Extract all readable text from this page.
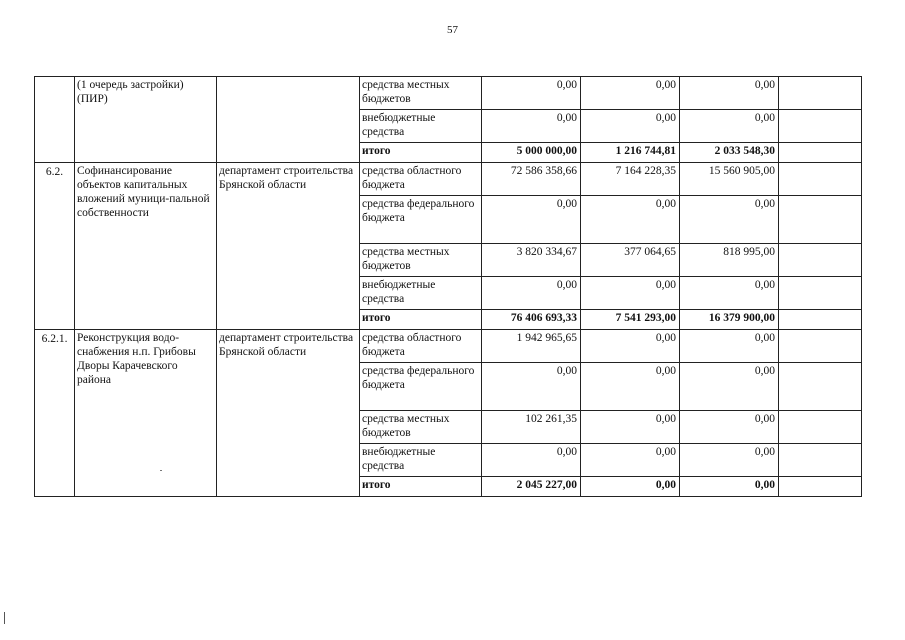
57
	(1 очередь застройки) (ПИР)		средства местных бюджетов	0,00	0,00	0,00	
			внебюджетные средства	0,00	0,00	0,00	
			итого	5 000 000,00	1 216 744,81	2 033 548,30	
6.2.	Софинансирование объектов капитальных вложений муници-пальной собственности	департамент строительства Брянской области	средства областного бюджета	72 586 358,66	7 164 228,35	15 560 905,00	
			средства федерального бюджета	0,00	0,00	0,00	
			средства местных бюджетов	3 820 334,67	377 064,65	818 995,00	
			внебюджетные средства	0,00	0,00	0,00	
			итого	76 406 693,33	7 541 293,00	16 379 900,00	
6.2.1.	Реконструкция водо-снабжения н.п. Грибовы Дворы Карачевского района	департамент строительства Брянской области	средства областного бюджета	1 942 965,65	0,00	0,00	
			средства федерального бюджета	0,00	0,00	0,00	
			средства местных бюджетов	102 261,35	0,00	0,00	
			внебюджетные средства	0,00	0,00	0,00	
			итого	2 045 227,00	0,00	0,00	
